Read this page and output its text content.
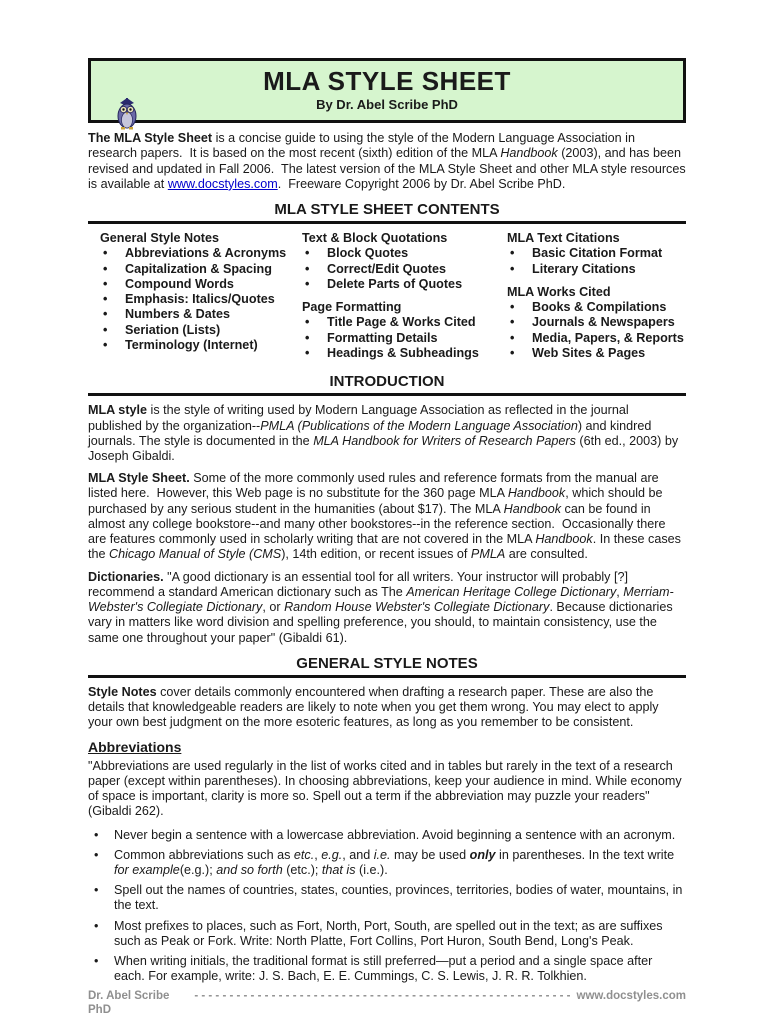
MLA STYLE SHEET
By Dr. Abel Scribe PhD

The MLA Style Sheet is a concise guide to using the style of the Modern Language Association in research papers.  It is based on the most recent (sixth) edition of the MLA Handbook (2003), and has been revised and updated in Fall 2006.  The latest version of the MLA Style Sheet and other MLA style resources is available at www.docstyles.com.  Freeware Copyright 2006 by Dr. Abel Scribe PhD.

MLA STYLE SHEET CONTENTS
General Style Notes
•	Abbreviations & Acronyms
•	Capitalization & Spacing
•	Compound Words
•	Emphasis: Italics/Quotes
•	Numbers & Dates
•	Seriation (Lists)
•	Terminology (Internet)
Text & Block Quotations
•	Block Quotes
•	Correct/Edit Quotes
•	Delete Parts of Quotes
Page Formatting
•	Title Page & Works Cited
•	Formatting Details
•	Headings & Subheadings
MLA Text Citations
•	Basic Citation Format
•	Literary Citations
MLA Works Cited
•	Books & Compilations
•	Journals & Newspapers
•	Media, Papers, & Reports
•	Web Sites & Pages
INTRODUCTION

MLA style is the style of writing used by Modern Language Association as reflected in the journal published by the organization--PMLA (Publications of the Modern Language Association) and kindred journals. The style is documented in the MLA Handbook for Writers of Research Papers (6th ed., 2003) by Joseph Gibaldi.

MLA Style Sheet. Some of the more commonly used rules and reference formats from the manual are listed here.  However, this Web page is no substitute for the 360 page MLA Handbook, which should be purchased by any serious student in the humanities (about $17). The MLA Handbook can be found in almost any college bookstore--and many other bookstores--in the reference section.  Occasionally there are features commonly used in scholarly writing that are not covered in the MLA Handbook. In these cases the Chicago Manual of Style (CMS), 14th edition, or recent issues of PMLA are consulted.

Dictionaries. "A good dictionary is an essential tool for all writers. Your instructor will probably [?] recommend a standard American dictionary such as The American Heritage College Dictionary, Merriam-Webster's Collegiate Dictionary, or Random House Webster's Collegiate Dictionary. Because dictionaries vary in matters like word division and spelling preference, you should, to maintain consistency, use the same one throughout your paper" (Gibaldi 61).

GENERAL STYLE NOTES

Style Notes cover details commonly encountered when drafting a research paper. These are also the details that knowledgeable readers are likely to note when you get them wrong. You may elect to apply your own best judgment on the more esoteric features, as long as you remember to be consistent.

Abbreviations

"Abbreviations are used regularly in the list of works cited and in tables but rarely in the text of a research paper (except within parentheses). In choosing abbreviations, keep your audience in mind. While economy of space is important, clarity is more so. Spell out a term if the abbreviation may puzzle your readers" (Gibaldi 262).

•	Never begin a sentence with a lowercase abbreviation. Avoid beginning a sentence with an acronym.
•	Common abbreviations such as etc., e.g., and i.e. may be used only in parentheses. In the text write for example(e.g.); and so forth (etc.); that is (i.e.).
•	Spell out the names of countries, states, counties, provinces, territories, bodies of water, mountains, in the text.
•	Most prefixes to places, such as Fort, North, Port, South, are spelled out in the text; as are suffixes such as Peak or Fork. Write: North Platte, Fort Collins, Port Huron, South Bend, Long's Peak.
•	When writing initials, the traditional format is still preferred—put a period and a single space after each. For example, write: J. S. Bach, E. E. Cummings, C. S. Lewis, J. R. R. Tolkhien.
Dr. Abel Scribe PhD
- - - - - - - - - - - - - - - - - - - - - - - - - - - - - - - - - - - - - - - - - - - - - - - - - - - - - - www.docstyles.com
